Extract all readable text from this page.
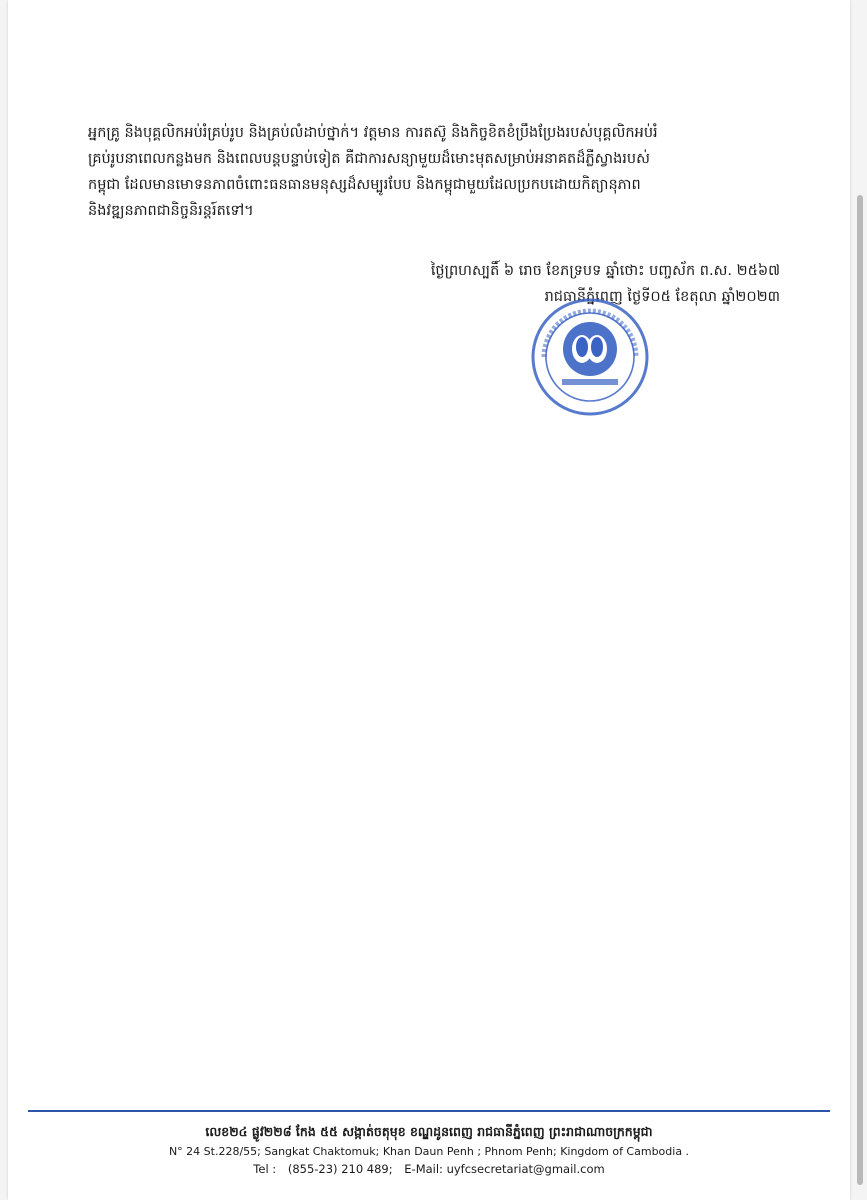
អ្នកគ្រូ និងបុគ្គលិកអប់រំគ្រប់រូប និងគ្រប់លំដាប់ថ្នាក់។ វត្តមាន ការតស៊ូ និងកិច្ចខិតខំប្រឹងប្រែងរបស់បុគ្គលិកអប់រំ

គ្រប់រូបនាពេលកន្លងមក និងពេលបន្តបន្ទាប់ទៀត គឺជាការសន្យាមួយដ៏មោះមុតសម្រាប់អនាគតដ៏ភ្លឺស្វាងរបស់

កម្ពុជា ដែលមានមោទនភាពចំពោះធនធានមនុស្សដ៏សម្បូរបែប និងកម្ពុជាមួយដែលប្រកបដោយកិត្យានុភាព

និងវឌ្ឍនភាពជានិច្ចនិរន្តរ៍តទៅ។

ថ្ងៃព្រហស្បតិ៍ ៦ រោច ខែភទ្របទ ឆ្នាំថោះ បញ្ចស័ក ព.ស. ២៥៦៧
រាជធានីភ្នំពេញ ថ្ងៃទី០៥ ខែតុលា ឆ្នាំ២០២៣
លេខ២៤ ផ្លូវ២២៨ កែង ៥៥ សង្កាត់ចតុមុខ ខណ្ឌដូនពេញ រាជធានីភ្នំពេញ ព្រះរាជាណាចក្រកម្ពុជា
N° 24 St.228/55; Sangkat Chaktomuk; Khan Daun Penh ; Phnom Penh; Kingdom of Cambodia .
Tel : (855-23) 210 489; E-Mail: uyfcsecretariat@gmail.com
